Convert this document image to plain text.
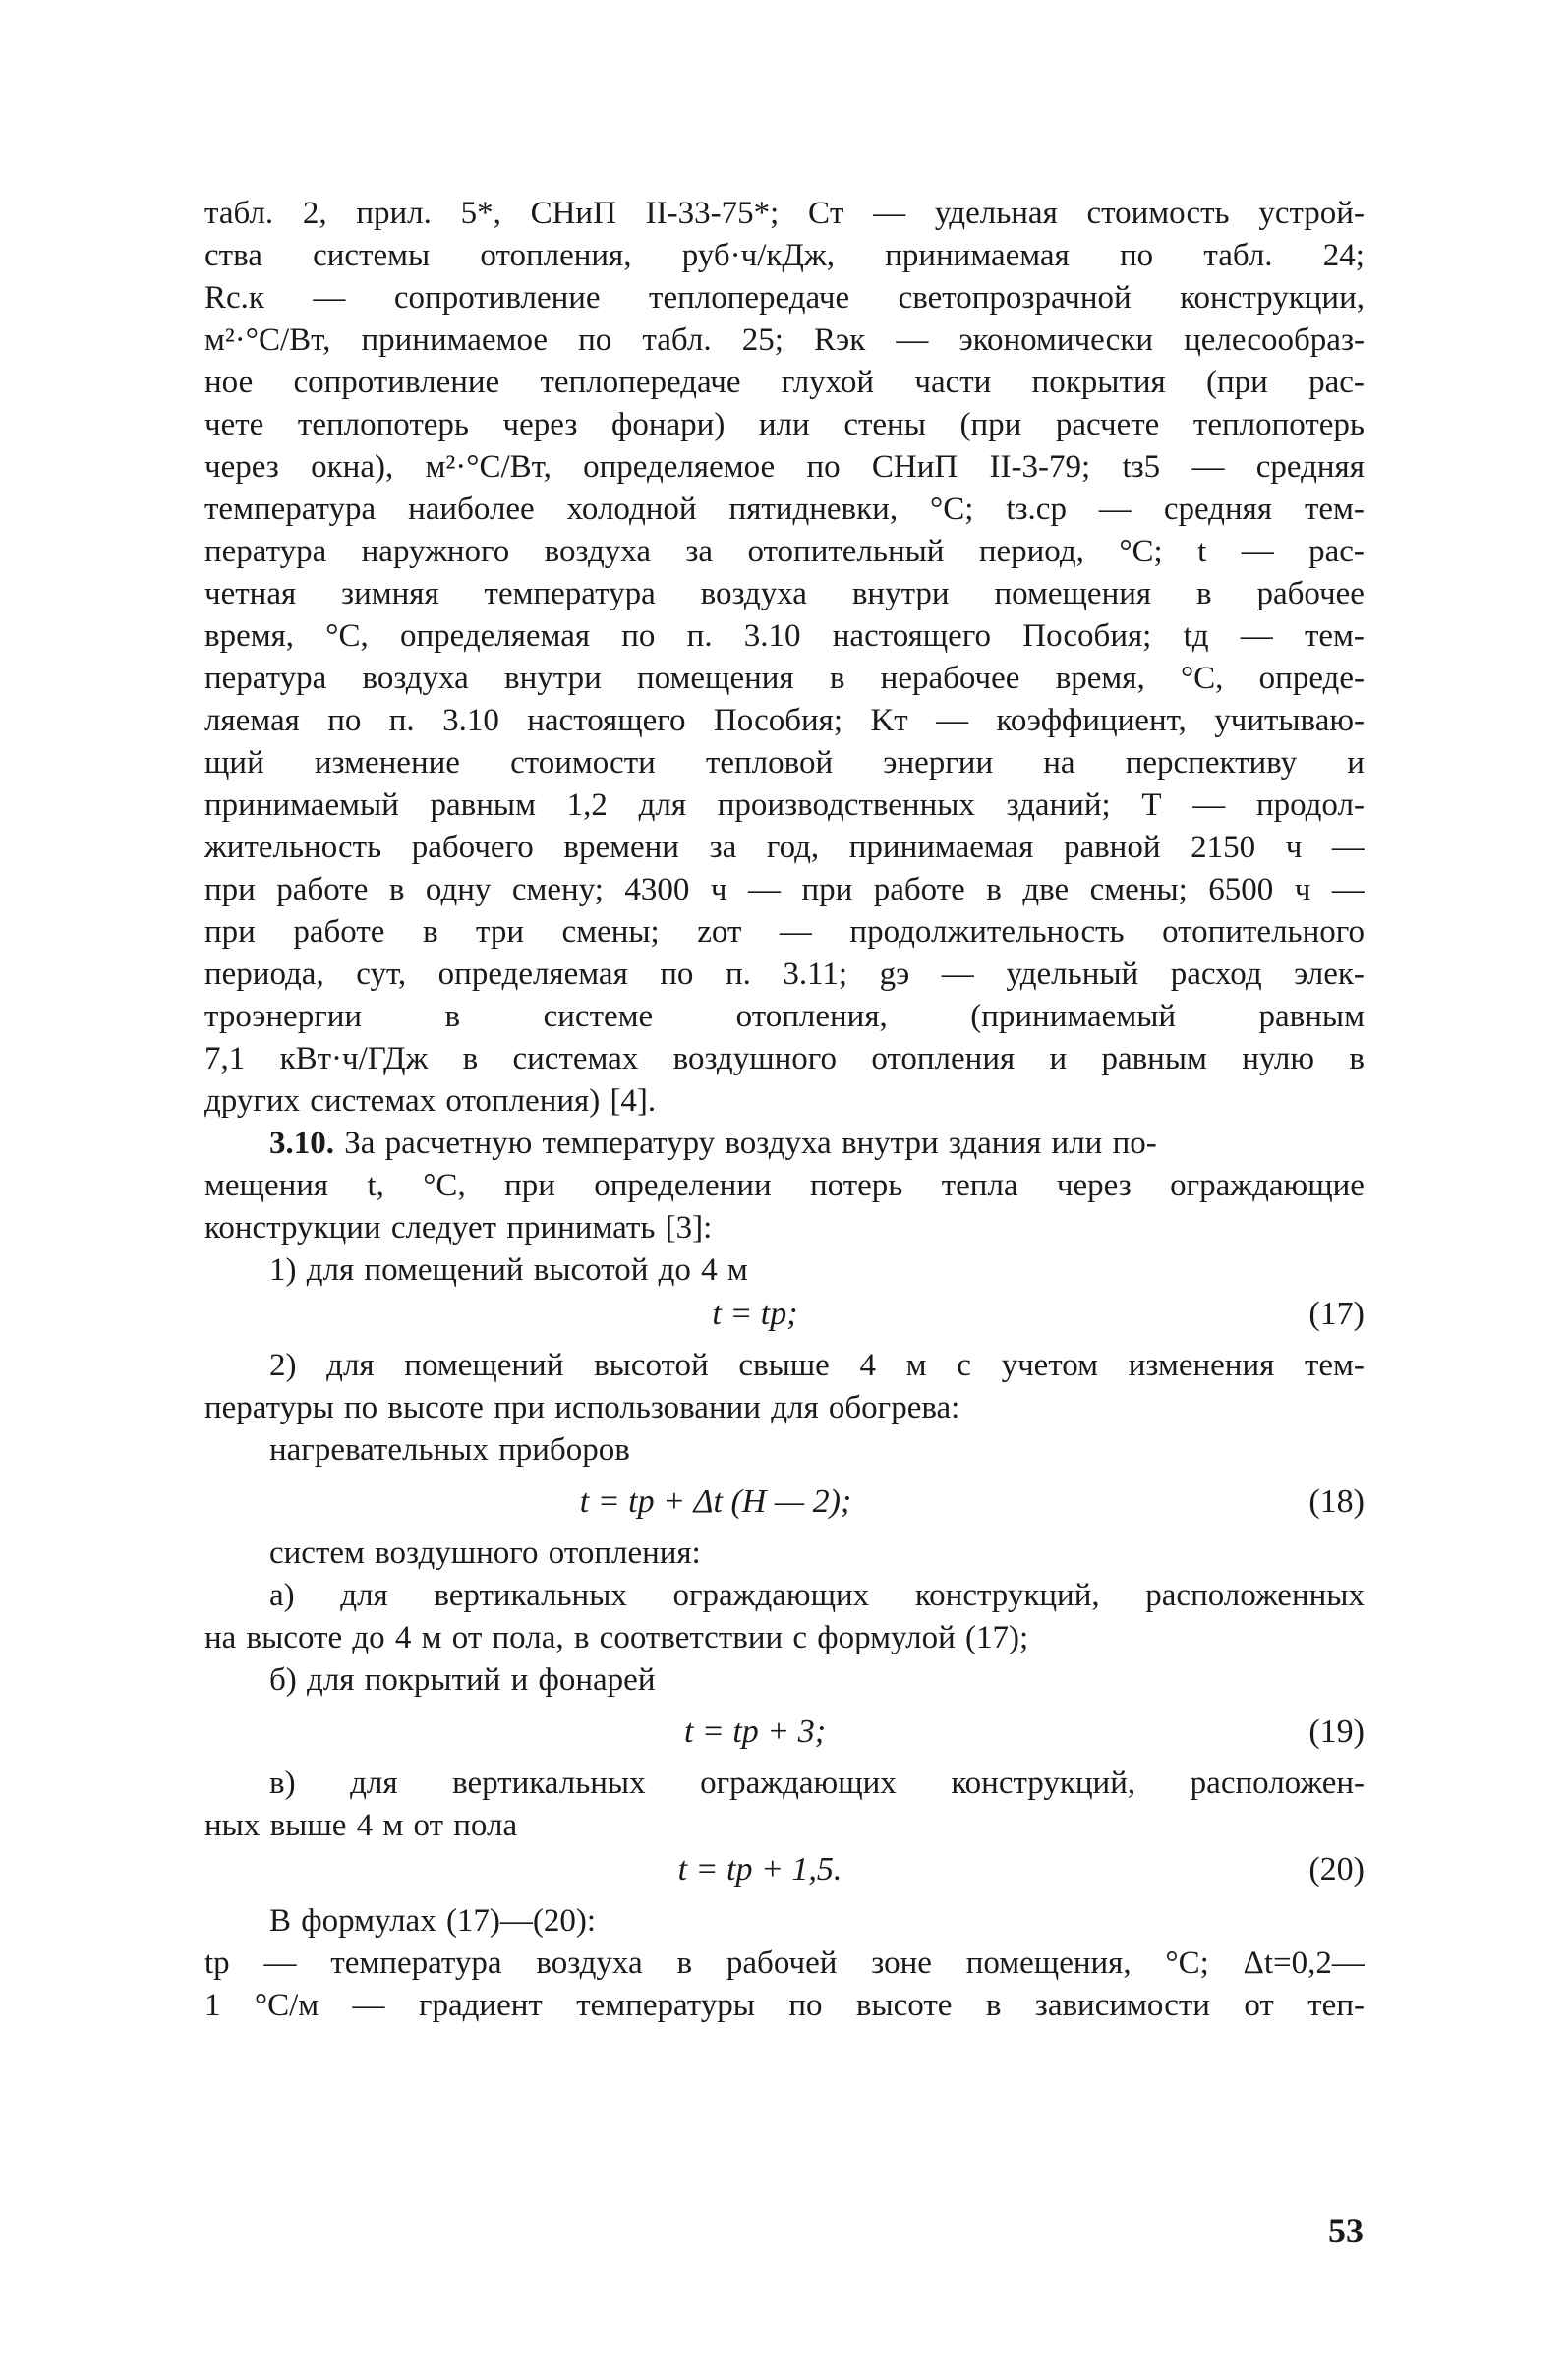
табл. 2, прил. 5*, СНиП II-33-75*; Cт — удельная стоимость устрой-
ства системы отопления, руб·ч/кДж, принимаемая по табл. 24;
Rс.к — сопротивление теплопередаче светопрозрачной конструкции,
м²·°С/Вт, принимаемое по табл. 25; Rэк — экономически целесообраз-
ное сопротивление теплопередаче глухой части покрытия (при рас-
чете теплопотерь через фонари) или стены (при расчете теплопотерь
через окна), м²·°С/Вт, определяемое по СНиП II-3-79; tз5 — средняя
температура наиболее холодной пятидневки, °С; tз.ср — средняя тем-
пература наружного воздуха за отопительный период, °С; t — рас-
четная зимняя температура воздуха внутри помещения в рабочее
время, °С, определяемая по п. 3.10 настоящего Пособия; tд — тем-
пература воздуха внутри помещения в нерабочее время, °С, опреде-
ляемая по п. 3.10 настоящего Пособия; Kт — коэффициент, учитываю-
щий изменение стоимости тепловой энергии на перспективу и
принимаемый равным 1,2 для производственных зданий; T — продол-
жительность рабочего времени за год, принимаемая равной 2150 ч —
при работе в одну смену; 4300 ч — при работе в две смены; 6500 ч —
при работе в три смены; zот — продолжительность отопительного
периода, сут, определяемая по п. 3.11; gэ — удельный расход элек-
троэнергии	в	системе	отопления,	(принимаемый	равным
7,1 кВт·ч/ГДж в системах воздушного отопления и равным нулю в
других системах отопления) [4].
3.10. За расчетную температуру воздуха внутри здания или по-
мещения t, °С, при определении потерь тепла через ограждающие
конструкции следует принимать [3]:
1) для помещений высотой до 4 м
t = tр;	(17)
2) для помещений высотой свыше 4 м с учетом изменения тем-
пературы по высоте при использовании для обогрева:
нагревательных приборов
t = tр + Δt (H — 2);	(18)
систем воздушного отопления:
а) для вертикальных ограждающих конструкций, расположенных
на высоте до 4 м от пола, в соответствии с формулой (17);
б) для покрытий и фонарей
t = tр + 3;	(19)
в) для вертикальных ограждающих конструкций, расположен-
ных выше 4 м от пола
t = tр + 1,5.	(20)
В формулах (17)—(20):
tр — температура воздуха в рабочей зоне помещения, °С; Δt=0,2—
1 °С/м — градиент температуры по высоте в зависимости от теп-
53
